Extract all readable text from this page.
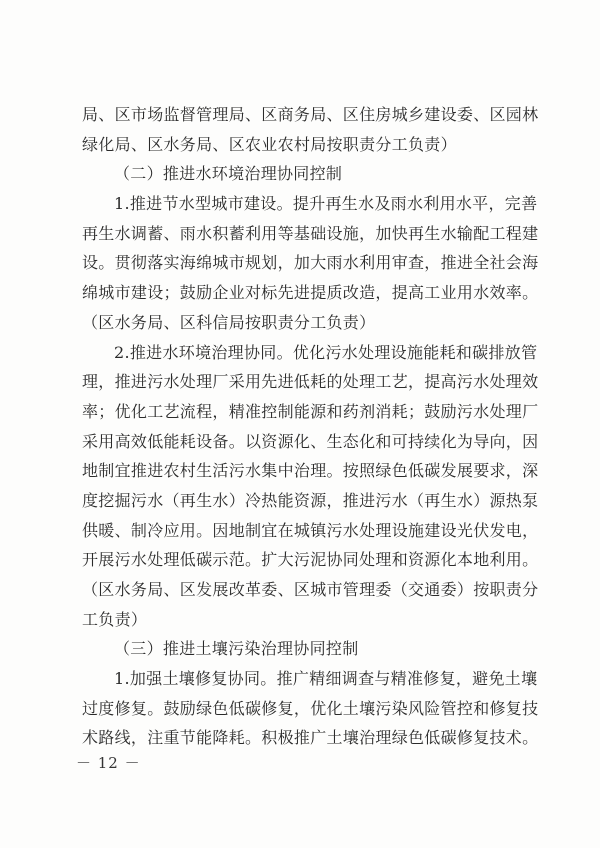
局、区市场监督管理局、区商务局、区住房城乡建设委、区园林
绿化局、区水务局、区农业农村局按职责分工负责）
（二）推进水环境治理协同控制
1.推进节水型城市建设。提升再生水及雨水利用水平，完善
再生水调蓄、雨水积蓄利用等基础设施，加快再生水输配工程建
设。贯彻落实海绵城市规划，加大雨水利用审查，推进全社会海
绵城市建设；鼓励企业对标先进提质改造，提高工业用水效率。
（区水务局、区科信局按职责分工负责）
2.推进水环境治理协同。优化污水处理设施能耗和碳排放管
理，推进污水处理厂采用先进低耗的处理工艺，提高污水处理效
率；优化工艺流程，精准控制能源和药剂消耗；鼓励污水处理厂
采用高效低能耗设备。以资源化、生态化和可持续化为导向，因
地制宜推进农村生活污水集中治理。按照绿色低碳发展要求，深
度挖掘污水（再生水）冷热能资源，推进污水（再生水）源热泵
供暖、制冷应用。因地制宜在城镇污水处理设施建设光伏发电，
开展污水处理低碳示范。扩大污泥协同处理和资源化本地利用。
（区水务局、区发展改革委、区城市管理委（交通委）按职责分
工负责）
（三）推进土壤污染治理协同控制
1.加强土壤修复协同。推广精细调查与精准修复，避免土壤
过度修复。鼓励绿色低碳修复，优化土壤污染风险管控和修复技
术路线，注重节能降耗。积极推广土壤治理绿色低碳修复技术。
－ 12 －
